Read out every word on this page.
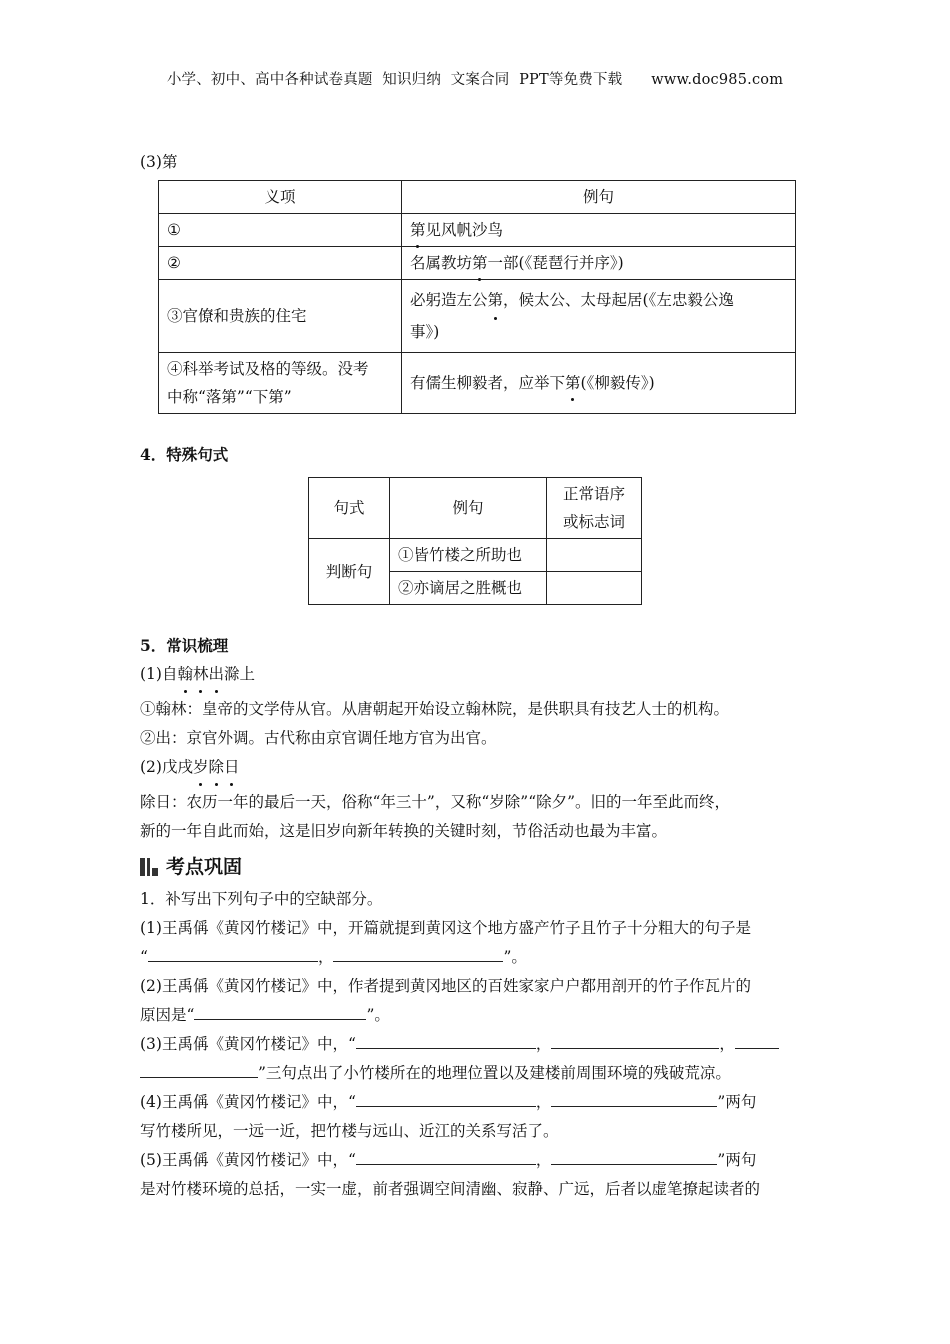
小学、初中、高中各种试卷真题  知识归纳  文案合同  PPT等免费下载      www.doc985.com

(3)第

义项	例句
①	第见风帆沙鸟
②	名属教坊第一部(《琵琶行并序》)
③官僚和贵族的住宅	必躬造左公第，候太公、太母起居(《左忠毅公逸
事》)
④科举考试及格的等级。没考
中称“落第”“下第”	有儒生柳毅者，应举下第(《柳毅传》)

4．特殊句式

句式	例句	正常语序
或标志词
判断句	①皆竹楼之所助也	
	②亦谪居之胜概也	

5．常识梳理

(1)自翰林出滁上

①翰林：皇帝的文学侍从官。从唐朝起开始设立翰林院，是供职具有技艺人士的机构。

②出：京官外调。古代称由京官调任地方官为出官。

(2)戊戌岁除日

除日：农历一年的最后一天，俗称“年三十”，又称“岁除”“除夕”。旧的一年至此而终，

新的一年自此而始，这是旧岁向新年转换的关键时刻，节俗活动也最为丰富。

考点巩固

1．补写出下列句子中的空缺部分。

(1)王禹偁《黄冈竹楼记》中，开篇就提到黄冈这个地方盛产竹子且竹子十分粗大的句子是

“	，	”。

(2)王禹偁《黄冈竹楼记》中，作者提到黄冈地区的百姓家家户户都用剖开的竹子作瓦片的

原因是“	”。

(3)王禹偁《黄冈竹楼记》中，“	，	，

”三句点出了小竹楼所在的地理位置以及建楼前周围环境的残破荒凉。

(4)王禹偁《黄冈竹楼记》中，“	，	”两句

写竹楼所见，一远一近，把竹楼与远山、近江的关系写活了。

(5)王禹偁《黄冈竹楼记》中，“	，	”两句

是对竹楼环境的总括，一实一虚，前者强调空间清幽、寂静、广远，后者以虚笔撩起读者的
